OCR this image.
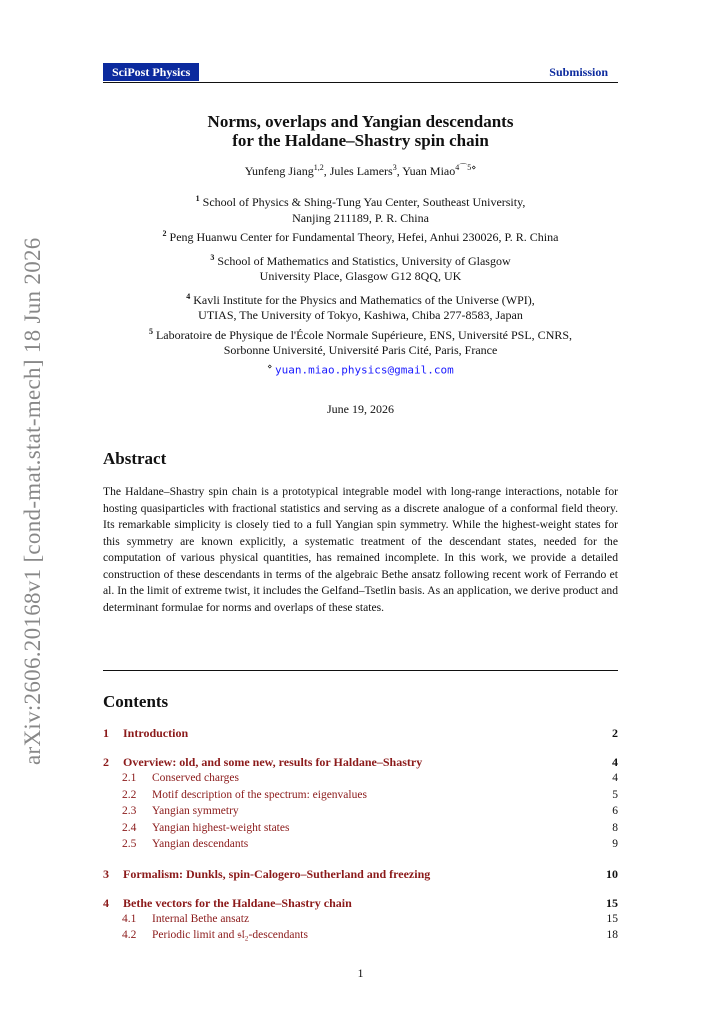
arXiv:2606.20168v1 [cond-mat.stat-mech] 18 Jun 2026
SciPost Physics	Submission
Norms, overlaps and Yangian descendants
for the Haldane–Shastry spin chain
Yunfeng Jiang$^{1,2}$, Jules Lamers$^3$, Yuan Miao$^{4⌒5⋄}$
$^1$ School of Physics & Shing-Tung Yau Center, Southeast University,
Nanjing 211189, P. R. China
$^2$ Peng Huanwu Center for Fundamental Theory, Hefei, Anhui 230026, P. R. China
$^3$ School of Mathematics and Statistics, University of Glasgow
University Place, Glasgow G12 8QQ, UK
$^4$ Kavli Institute for the Physics and Mathematics of the Universe (WPI),
UTIAS, The University of Tokyo, Kashiwa, Chiba 277-8583, Japan
$^5$ Laboratoire de Physique de l'École Normale Supérieure, ENS, Université PSL, CNRS,
Sorbonne Université, Université Paris Cité, Paris, France
⋄ yuan.miao.physics@gmail.com
June 19, 2026
Abstract
The Haldane–Shastry spin chain is a prototypical integrable model with long-range interactions, notable for hosting quasiparticles with fractional statistics and serving as a discrete analogue of a conformal field theory. Its remarkable simplicity is closely tied to a full Yangian spin symmetry. While the highest-weight states for this symmetry are known explicitly, a systematic treatment of the descendant states, needed for the computation of various physical quantities, has remained incomplete. In this work, we provide a detailed construction of these descendants in terms of the algebraic Bethe ansatz following recent work of Ferrando et al. In the limit of extreme twist, it includes the Gelfand–Tsetlin basis. As an application, we derive product and determinant formulae for norms and overlaps of these states.
Contents
1	Introduction	2
2	Overview: old, and some new, results for Haldane–Shastry	4
2.1	Conserved charges	4
2.2	Motif description of the spectrum: eigenvalues	5
2.3	Yangian symmetry	6
2.4	Yangian highest-weight states	8
2.5	Yangian descendants	9
3	Formalism: Dunkls, spin-Calogero–Sutherland and freezing	10
4	Bethe vectors for the Haldane–Shastry chain	15
4.1	Internal Bethe ansatz	15
4.2	Periodic limit and 𝔰𝔩₂-descendants	18
1
